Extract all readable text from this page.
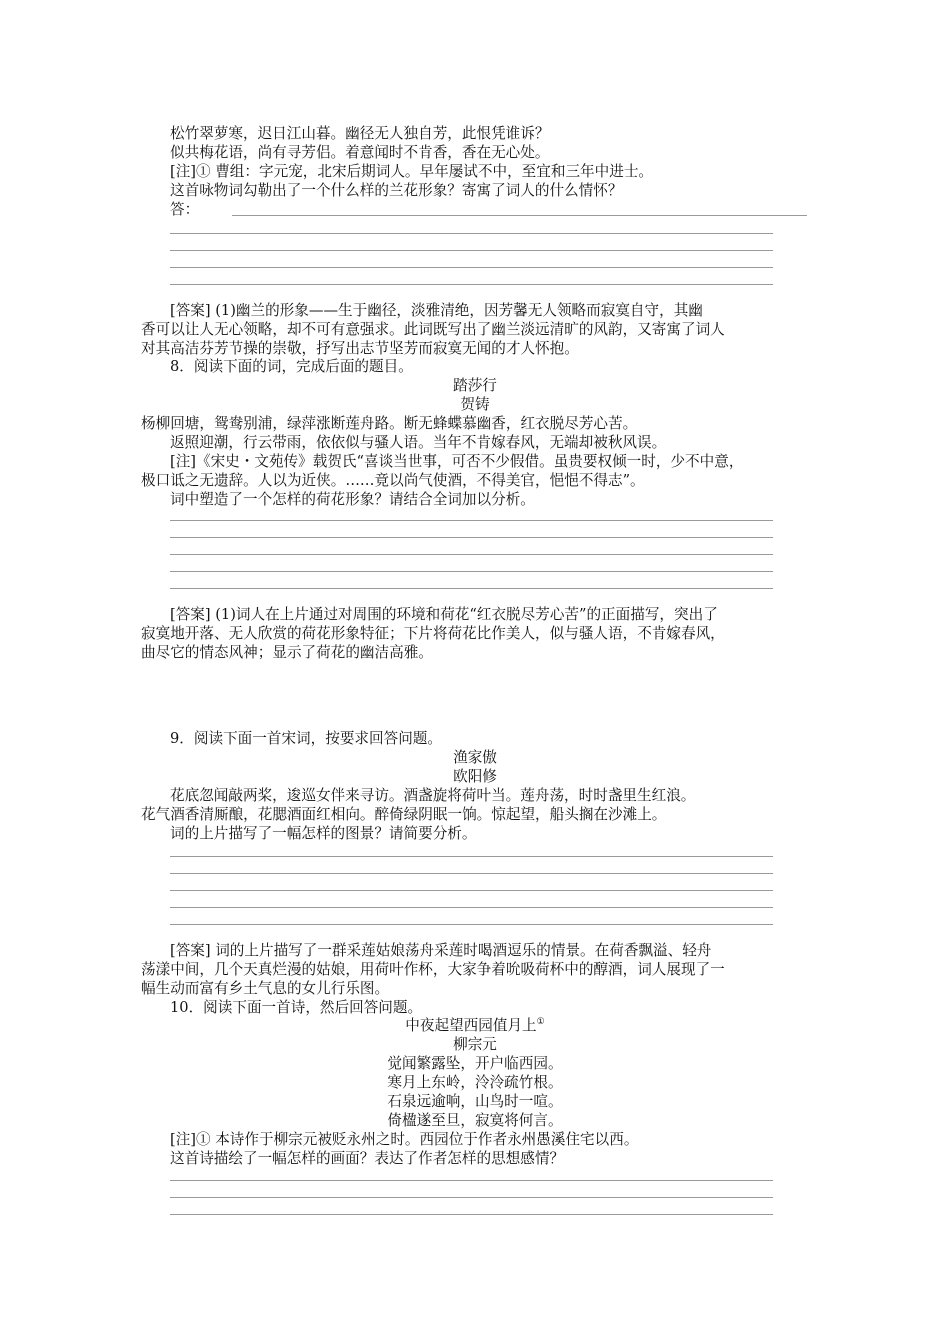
松竹翠萝寒，迟日江山暮。幽径无人独自芳，此恨凭谁诉？
似共梅花语，尚有寻芳侣。着意闻时不肯香，香在无心处。
[注]① 曹组：字元宠，北宋后期词人。早年屡试不中，至宜和三年中进士。
这首咏物词勾勒出了一个什么样的兰花形象？寄寓了词人的什么情怀？
答：
[答案] (1)幽兰的形象——生于幽径，淡雅清绝，因芳馨无人领略而寂寞自守，其幽
香可以让人无心领略，却不可有意强求。此词既写出了幽兰淡远清旷的风韵，又寄寓了词人
对其高洁芬芳节操的崇敬，抒写出志节坚芳而寂寞无闻的才人怀抱。
8．阅读下面的词，完成后面的题目。
踏莎行
贺铸
杨柳回塘，鸳鸯别浦，绿萍涨断莲舟路。断无蜂蝶慕幽香，红衣脱尽芳心苦。
返照迎潮，行云带雨，依依似与骚人语。当年不肯嫁春风，无端却被秋风误。
[注]《宋史・文苑传》载贺氏“喜谈当世事，可否不少假借。虽贵要权倾一时，少不中意，
极口诋之无遗辞。人以为近侠。……竟以尚气使酒，不得美官，悒悒不得志”。
词中塑造了一个怎样的荷花形象？请结合全词加以分析。
[答案] (1)词人在上片通过对周围的环境和荷花“红衣脱尽芳心苦”的正面描写，突出了
寂寞地开落、无人欣赏的荷花形象特征；下片将荷花比作美人，似与骚人语，不肯嫁春风，
曲尽它的情态风神；显示了荷花的幽洁高雅。
9．阅读下面一首宋词，按要求回答问题。
渔家傲
欧阳修
花底忽闻敲两桨，逡巡女伴来寻访。酒盏旋将荷叶当。莲舟荡，时时盏里生红浪。
花气酒香清厮酿，花腮酒面红相向。醉倚绿阴眠一饷。惊起望，船头搁在沙滩上。
词的上片描写了一幅怎样的图景？请简要分析。
[答案] 词的上片描写了一群采莲姑娘荡舟采莲时喝酒逗乐的情景。在荷香飘溢、轻舟
荡漾中间，几个天真烂漫的姑娘，用荷叶作杯，大家争着吮吸荷杯中的醇酒，词人展现了一
幅生动而富有乡土气息的女儿行乐图。
10．阅读下面一首诗，然后回答问题。
中夜起望西园值月上①
柳宗元
觉闻繁露坠，开户临西园。
寒月上东岭，泠泠疏竹根。
石泉远逾响，山鸟时一喧。
倚楹遂至旦，寂寞将何言。
[注]① 本诗作于柳宗元被贬永州之时。西园位于作者永州愚溪住宅以西。
这首诗描绘了一幅怎样的画面？表达了作者怎样的思想感情？
